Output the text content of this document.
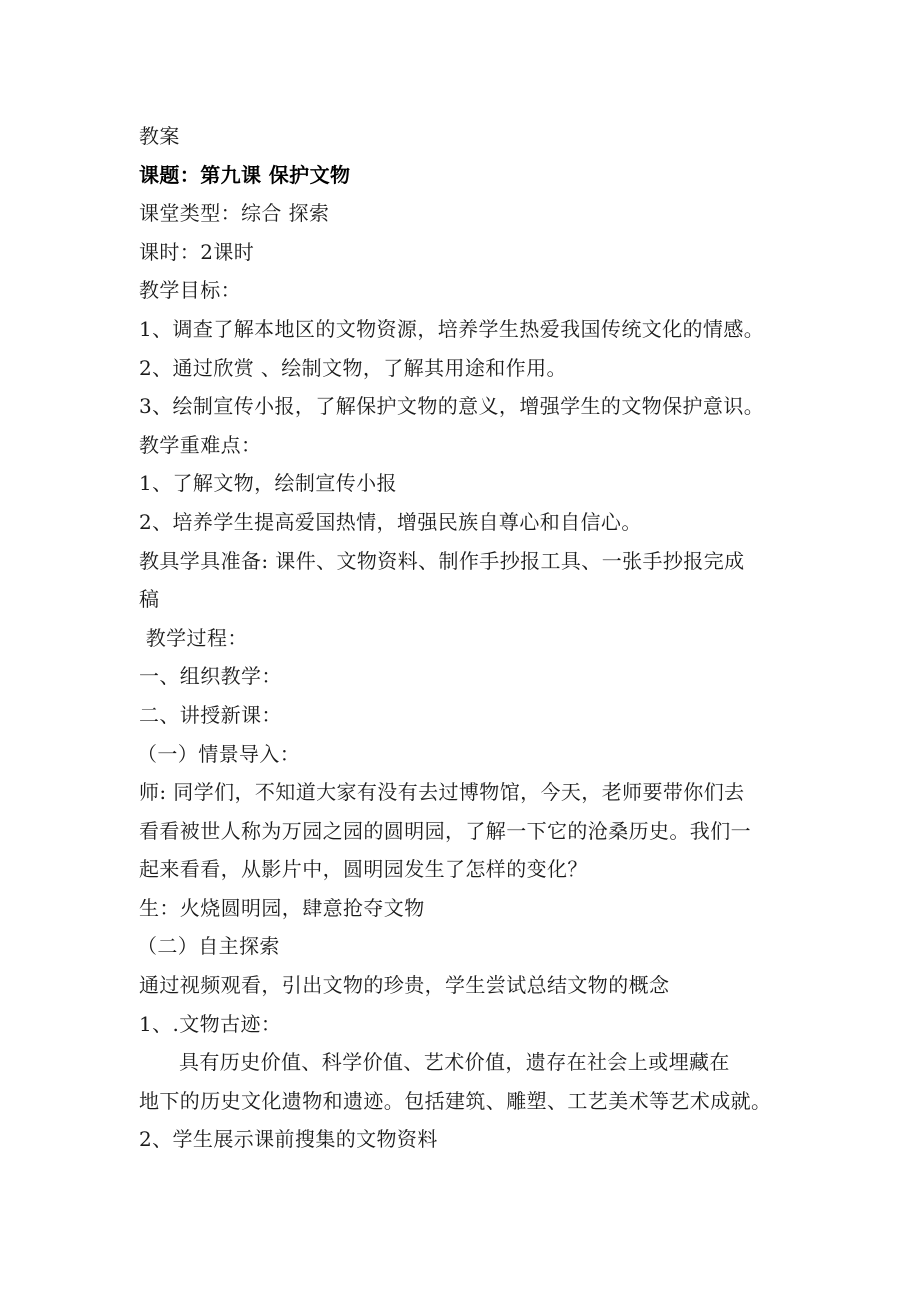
教案
课题：第九课 保护文物
课堂类型：综合 探索
课时：2课时
教学目标：
1、调查了解本地区的文物资源，培养学生热爱我国传统文化的情感。
2、通过欣赏 、绘制文物，了解其用途和作用。
3、绘制宣传小报，了解保护文物的意义，增强学生的文物保护意识。
教学重难点：
1、了解文物，绘制宣传小报
2、培养学生提高爱国热情，增强民族自尊心和自信心。
教具学具准备: 课件、文物资料、制作手抄报工具、一张手抄报完成
稿
教学过程：
一、组织教学：
二、讲授新课：
（一）情景导入：
师: 同学们，不知道大家有没有去过博物馆，今天，老师要带你们去
看看被世人称为万园之园的圆明园，了解一下它的沧桑历史。我们一
起来看看，从影片中，圆明园发生了怎样的变化？
生：火烧圆明园，肆意抢夺文物
（二）自主探索
通过视频观看，引出文物的珍贵，学生尝试总结文物的概念
1、.文物古迹：
具有历史价值、科学价值、艺术价值，遗存在社会上或埋藏在
地下的历史文化遗物和遗迹。包括建筑、雕塑、工艺美术等艺术成就。
2、学生展示课前搜集的文物资料
